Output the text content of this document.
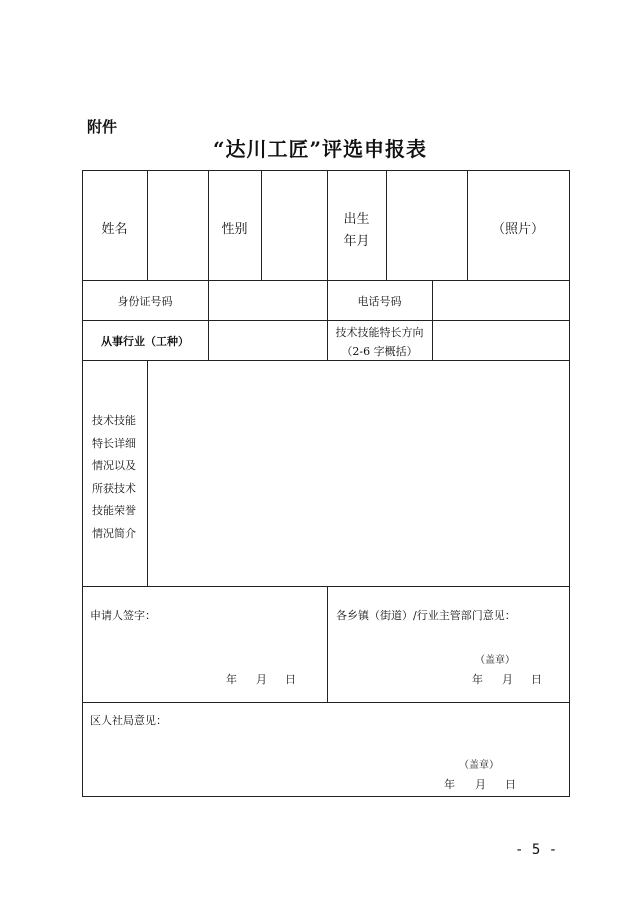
附件
“达川工匠”评选申报表
姓名	性别
出生
年月
（照片）
身份证号码	电话号码
从事行业（工种）
技术技能特长方向
（2-6 字概括）
技术技能
特长详细
情况以及
所获技术
技能荣誉
情况简介
申请人签字：
年 月 日
各乡镇（街道）/行业主管部门意见：
（盖章）
年 月 日
区人社局意见：
（盖章）
年 月 日
- 5 -
